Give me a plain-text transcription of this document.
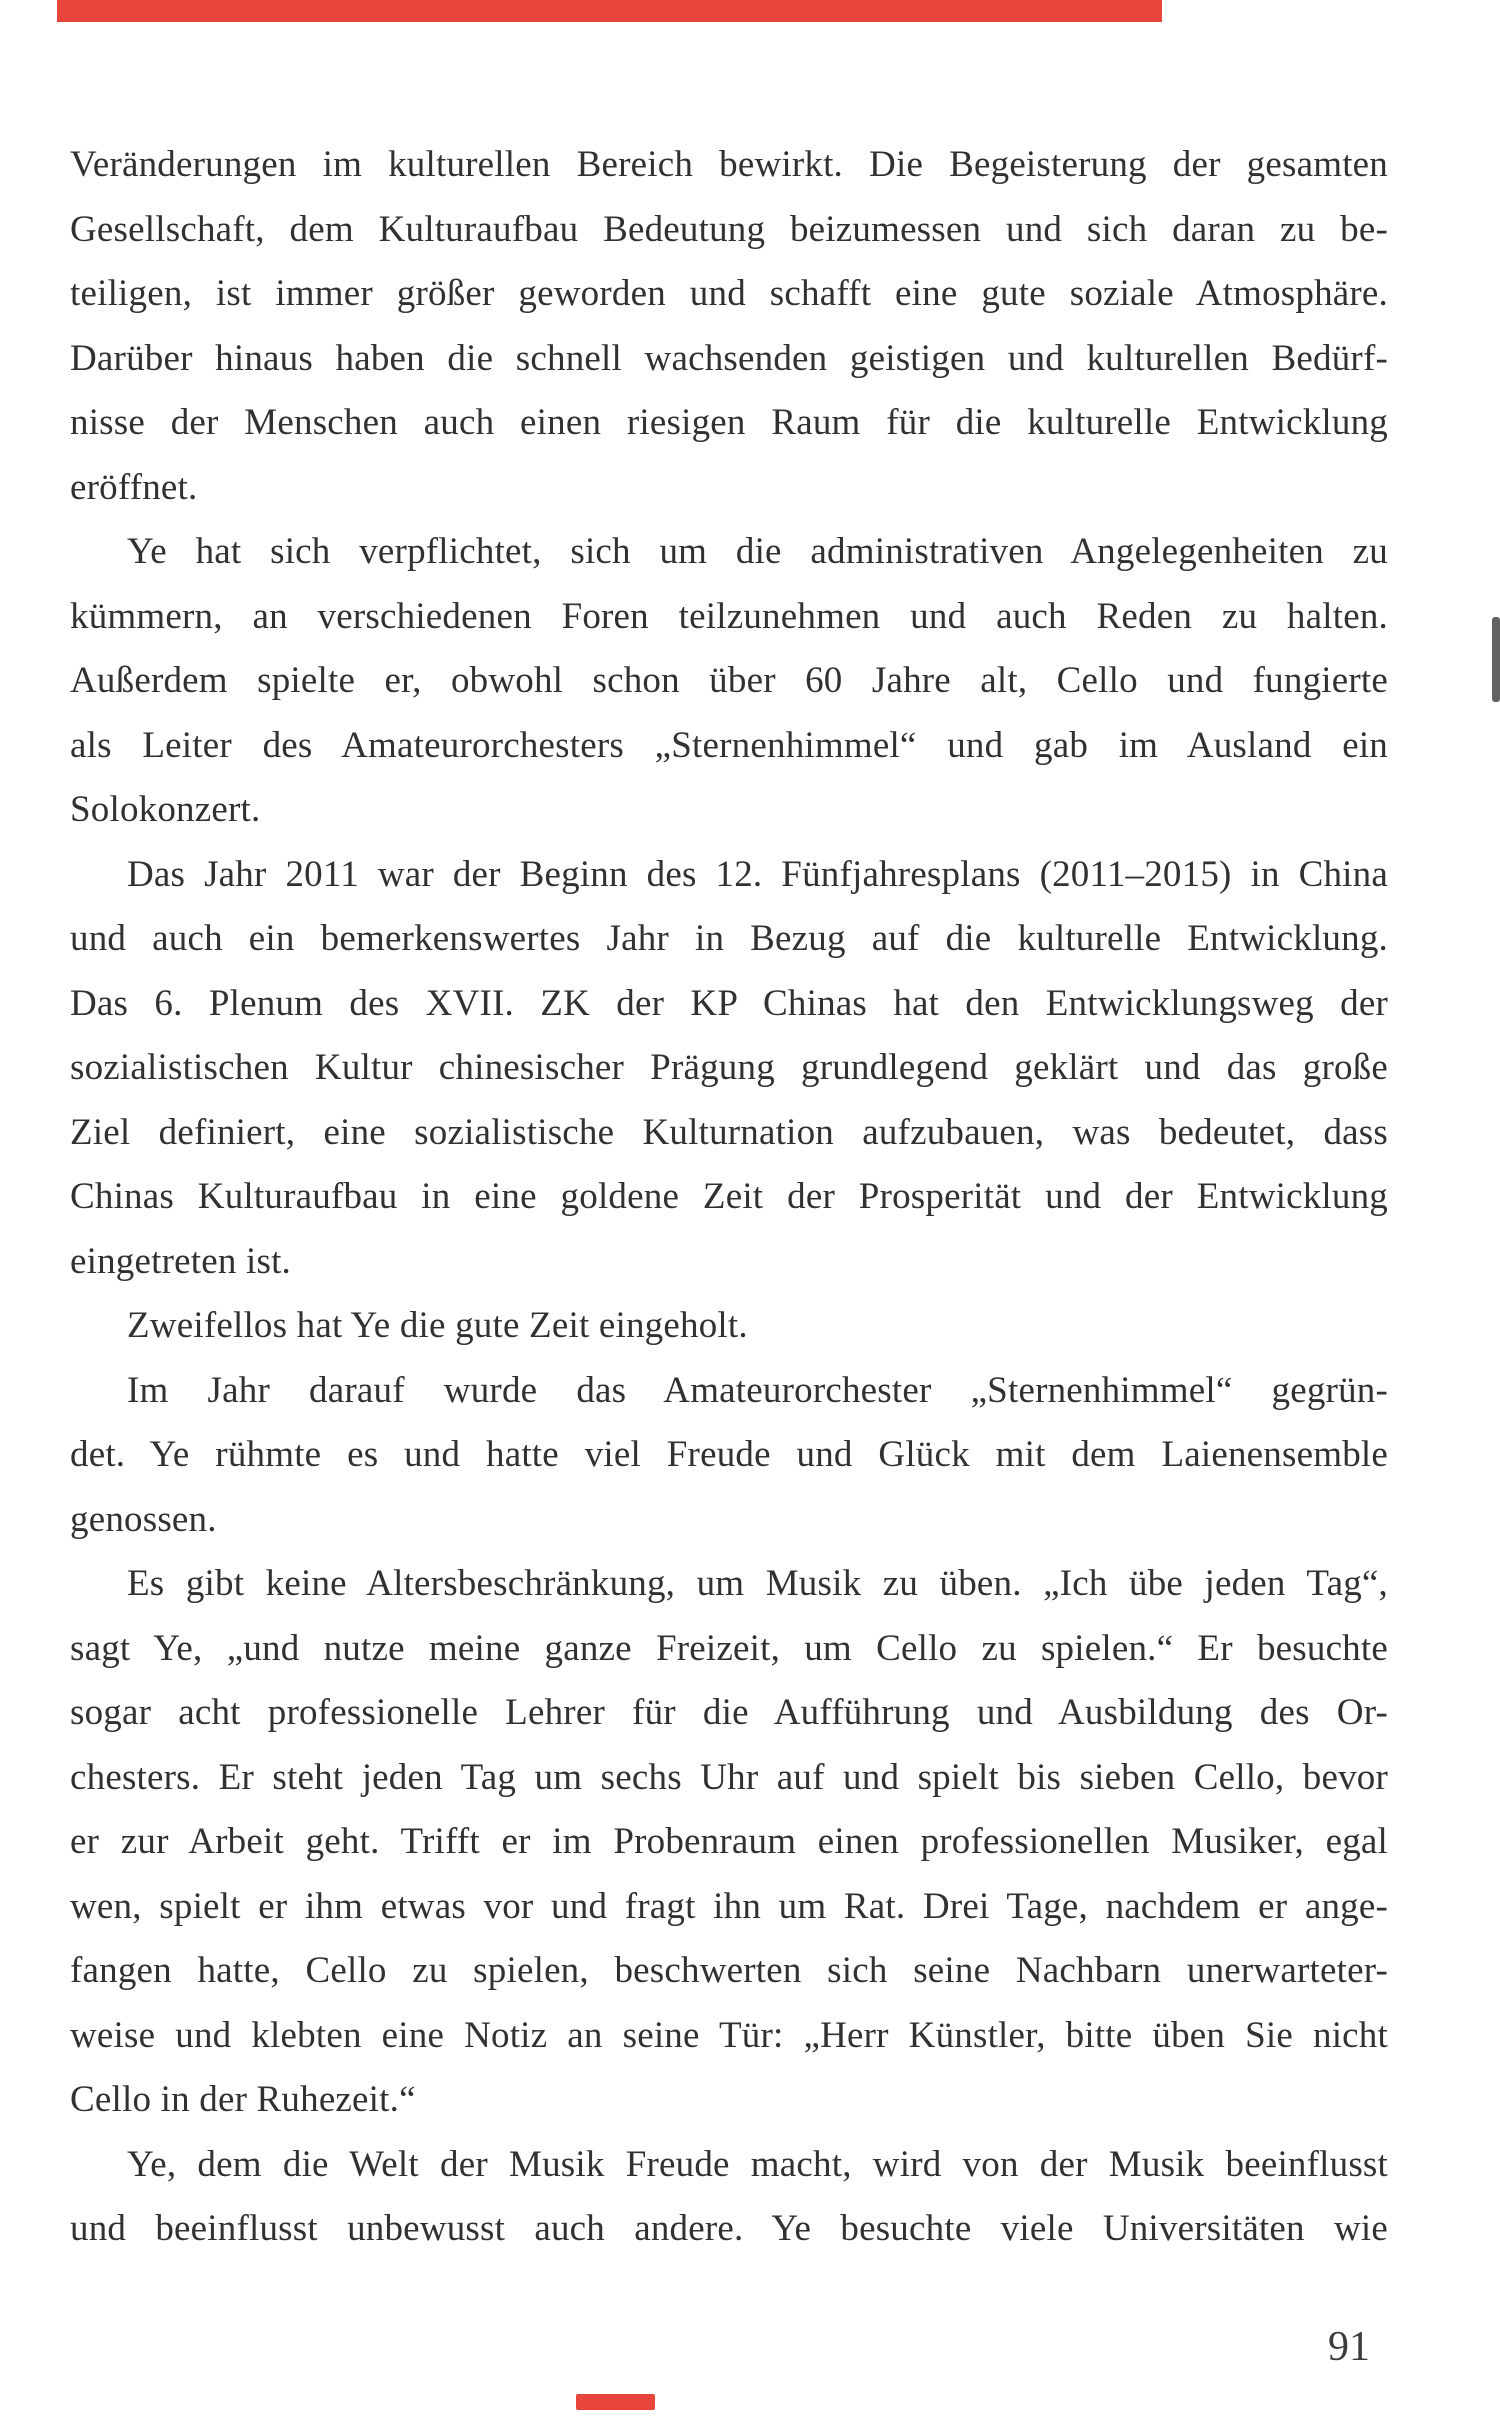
Veränderungen im kulturellen Bereich bewirkt. Die Begeisterung der gesamten
Gesellschaft, dem Kulturaufbau Bedeutung beizumessen und sich daran zu be-
teiligen, ist immer größer geworden und schafft eine gute soziale Atmosphäre.
Darüber hinaus haben die schnell wachsenden geistigen und kulturellen Bedürf-
nisse der Menschen auch einen riesigen Raum für die kulturelle Entwicklung
eröffnet.
Ye hat sich verpflichtet, sich um die administrativen Angelegenheiten zu
kümmern, an verschiedenen Foren teilzunehmen und auch Reden zu halten.
Außerdem spielte er, obwohl schon über 60 Jahre alt, Cello und fungierte
als Leiter des Amateurorchesters „Sternenhimmel“ und gab im Ausland ein
Solokonzert.
Das Jahr 2011 war der Beginn des 12. Fünfjahresplans (2011–2015) in China
und auch ein bemerkenswertes Jahr in Bezug auf die kulturelle Entwicklung.
Das 6. Plenum des XVII. ZK der KP Chinas hat den Entwicklungsweg der
sozialistischen Kultur chinesischer Prägung grundlegend geklärt und das große
Ziel definiert, eine sozialistische Kulturnation aufzubauen, was bedeutet, dass
Chinas Kulturaufbau in eine goldene Zeit der Prosperität und der Entwicklung
eingetreten ist.
Zweifellos hat Ye die gute Zeit eingeholt.
Im Jahr darauf wurde das Amateurorchester „Sternenhimmel“ gegrün-
det. Ye rühmte es und hatte viel Freude und Glück mit dem Laienensemble
genossen.
Es gibt keine Altersbeschränkung, um Musik zu üben. „Ich übe jeden Tag“,
sagt Ye, „und nutze meine ganze Freizeit, um Cello zu spielen.“ Er besuchte
sogar acht professionelle Lehrer für die Aufführung und Ausbildung des Or-
chesters. Er steht jeden Tag um sechs Uhr auf und spielt bis sieben Cello, bevor
er zur Arbeit geht. Trifft er im Probenraum einen professionellen Musiker, egal
wen, spielt er ihm etwas vor und fragt ihn um Rat. Drei Tage, nachdem er ange-
fangen hatte, Cello zu spielen, beschwerten sich seine Nachbarn unerwarteter-
weise und klebten eine Notiz an seine Tür: „Herr Künstler, bitte üben Sie nicht
Cello in der Ruhezeit.“
Ye, dem die Welt der Musik Freude macht, wird von der Musik beeinflusst
und beeinflusst unbewusst auch andere. Ye besuchte viele Universitäten wie
91
